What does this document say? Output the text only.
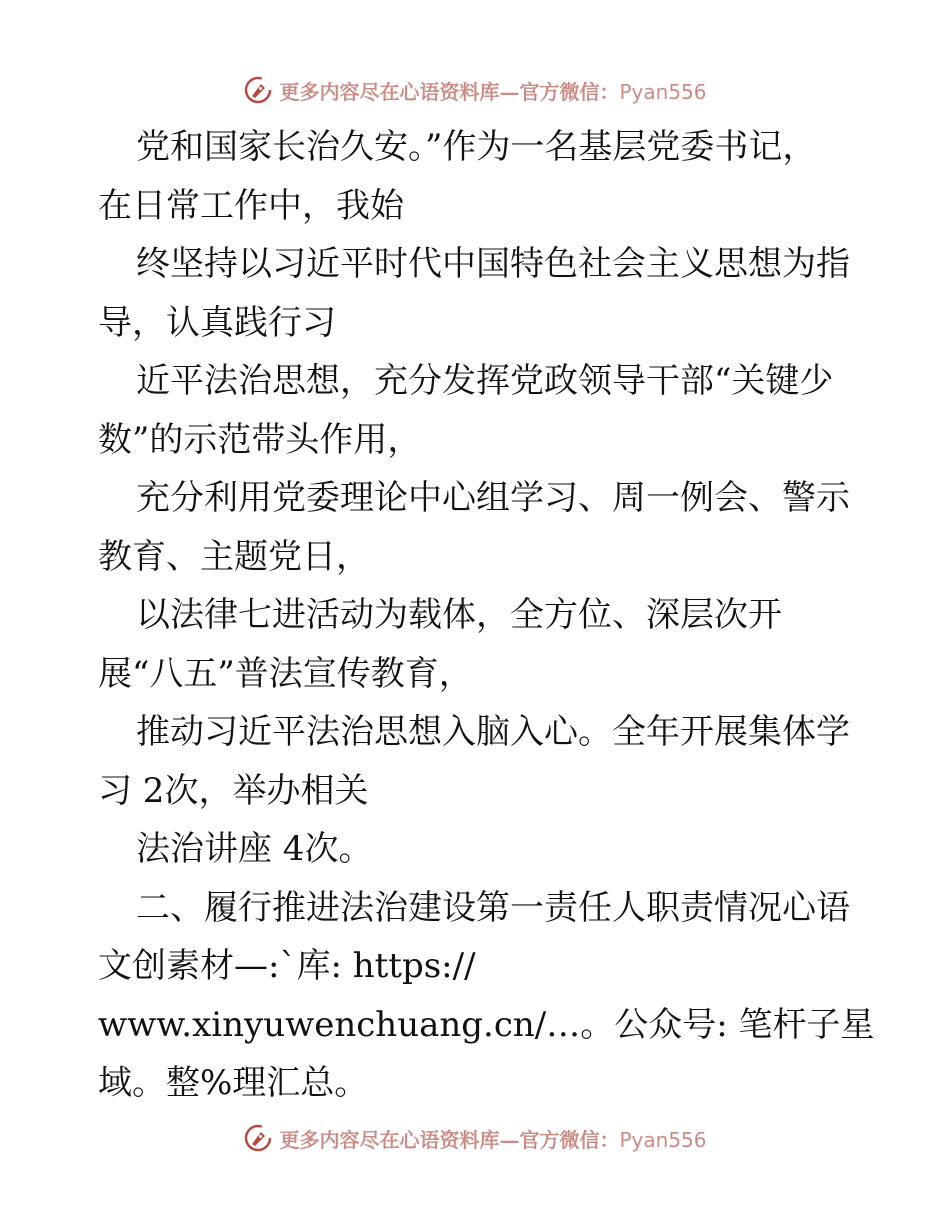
更多内容尽在心语资料库—官方微信：Pyan556
党和国家长治久安。”作为一名基层党委书记，
在日常工作中，我始
终坚持以习近平时代中国特色社会主义思想为指
导，认真践行习
近平法治思想，充分发挥党政领导干部“关键少
数”的示范带头作用，
充分利用党委理论中心组学习、周一例会、警示
教育、主题党日，
以法律七进活动为载体，全方位、深层次开
展“八五”普法宣传教育，
推动习近平法治思想入脑入心。全年开展集体学
习 2次，举办相关
法治讲座 4次。
二、履行推进法治建设第一责任人职责情况心语
文创素材—:`库: https://
www.xinyuwenchuang.cn/…。公众号: 笔杆子星
域。整%理汇总。
更多内容尽在心语资料库—官方微信：Pyan556
